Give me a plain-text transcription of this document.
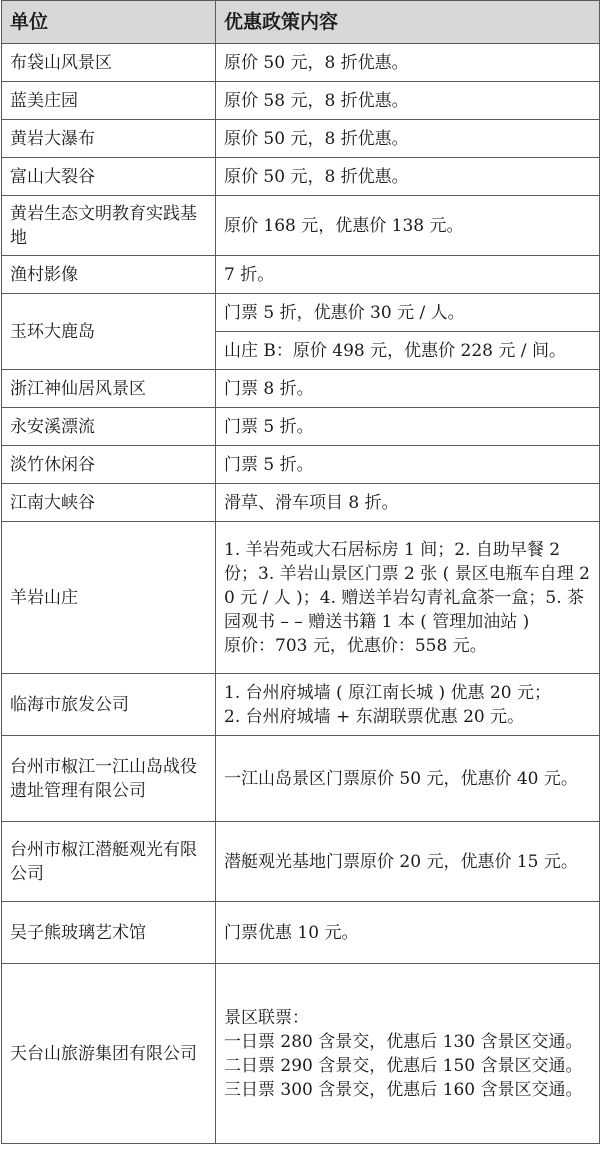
单位	优惠政策内容
布袋山风景区	原价 50 元，8 折优惠。

蓝美庄园	原价 58 元，8 折优惠。

黄岩大瀑布	原价 50 元，8 折优惠。

富山大裂谷	原价 50 元，8 折优惠。

黄岩生态文明教育实践基地	原价 168 元，优惠价 138 元。

渔村影像	7 折。

玉环大鹿岛	门票 5 折，优惠价 30 元 / 人。

	山庄 B：原价 498 元，优惠价 228 元 / 间。

浙江神仙居风景区	门票 8 折。

永安溪漂流	门票 5 折。

淡竹休闲谷	门票 5 折。

江南大峡谷	滑草、滑车项目 8 折。

羊岩山庄	1. 羊岩苑或大石居标房 1 间；2. 自助早餐 2 份；3. 羊岩山景区门票 2 张 ( 景区电瓶车自理 20 元 / 人 )；4. 赠送羊岩勾青礼盒茶一盒；5. 茶园观书 – – 赠送书籍 1 本 ( 管理加油站 )
原价：703 元，优惠价：558 元。

临海市旅发公司	1. 台州府城墙 ( 原江南长城 ) 优惠 20 元；
2. 台州府城墙 + 东湖联票优惠 20 元。

台州市椒江一江山岛战役遗址管理有限公司	一江山岛景区门票原价 50 元，优惠价 40 元。

台州市椒江潜艇观光有限公司	潜艇观光基地门票原价 20 元，优惠价 15 元。

吴子熊玻璃艺术馆	门票优惠 10 元。

天台山旅游集团有限公司	景区联票：
一日票 280 含景交，优惠后 130 含景区交通。
二日票 290 含景交，优惠后 150 含景区交通。
三日票 300 含景交，优惠后 160 含景区交通。
